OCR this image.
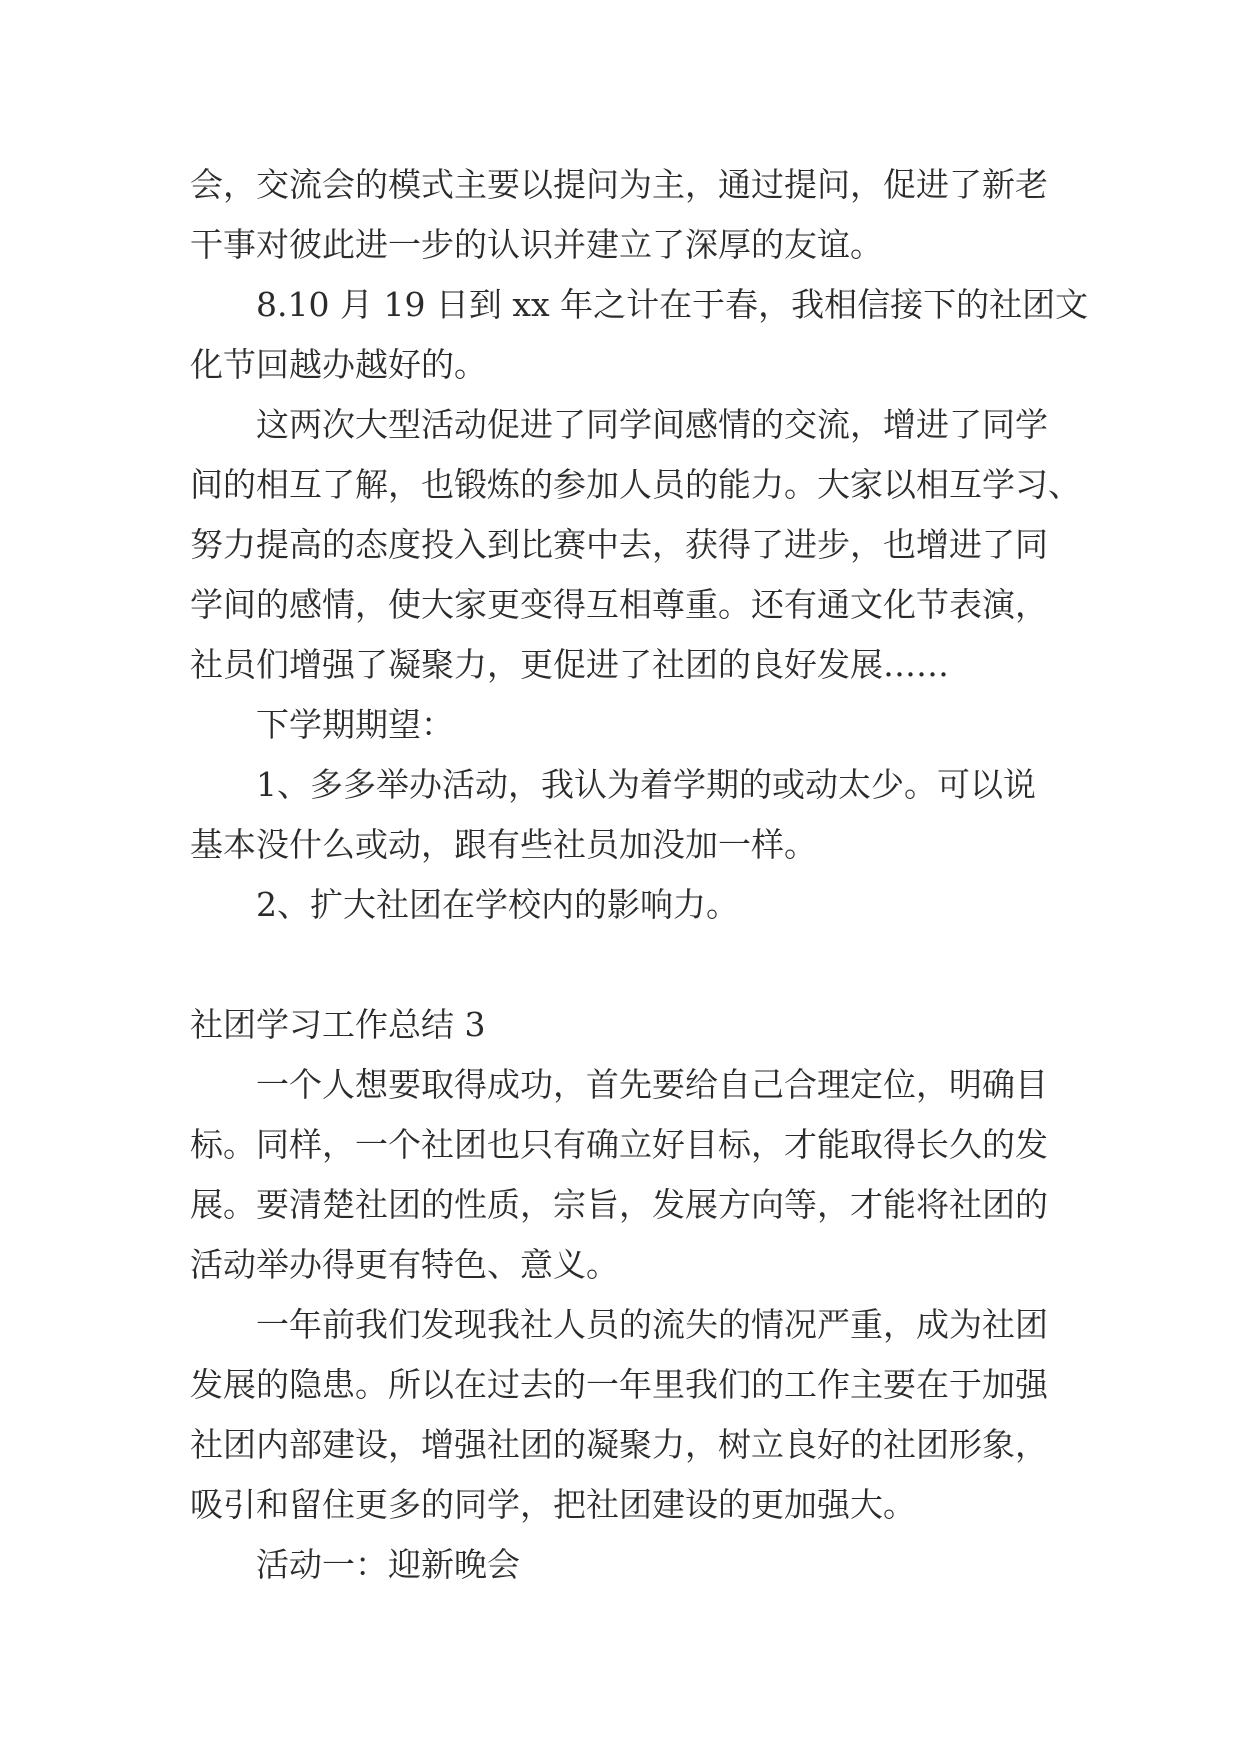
会，交流会的模式主要以提问为主，通过提问，促进了新老
干事对彼此进一步的认识并建立了深厚的友谊。
8.10 月 19 日到 xx 年之计在于春，我相信接下的社团文
化节回越办越好的。
这两次大型活动促进了同学间感情的交流，增进了同学
间的相互了解，也锻炼的参加人员的能力。大家以相互学习、
努力提高的态度投入到比赛中去，获得了进步，也增进了同
学间的感情，使大家更变得互相尊重。还有通文化节表演，
社员们增强了凝聚力，更促进了社团的良好发展……
下学期期望：
1、多多举办活动，我认为着学期的或动太少。可以说
基本没什么或动，跟有些社员加没加一样。
2、扩大社团在学校内的影响力。
社团学习工作总结 3
一个人想要取得成功，首先要给自己合理定位，明确目
标。同样，一个社团也只有确立好目标，才能取得长久的发
展。要清楚社团的性质，宗旨，发展方向等，才能将社团的
活动举办得更有特色、意义。
一年前我们发现我社人员的流失的情况严重，成为社团
发展的隐患。所以在过去的一年里我们的工作主要在于加强
社团内部建设，增强社团的凝聚力，树立良好的社团形象，
吸引和留住更多的同学，把社团建设的更加强大。
活动一：迎新晚会
